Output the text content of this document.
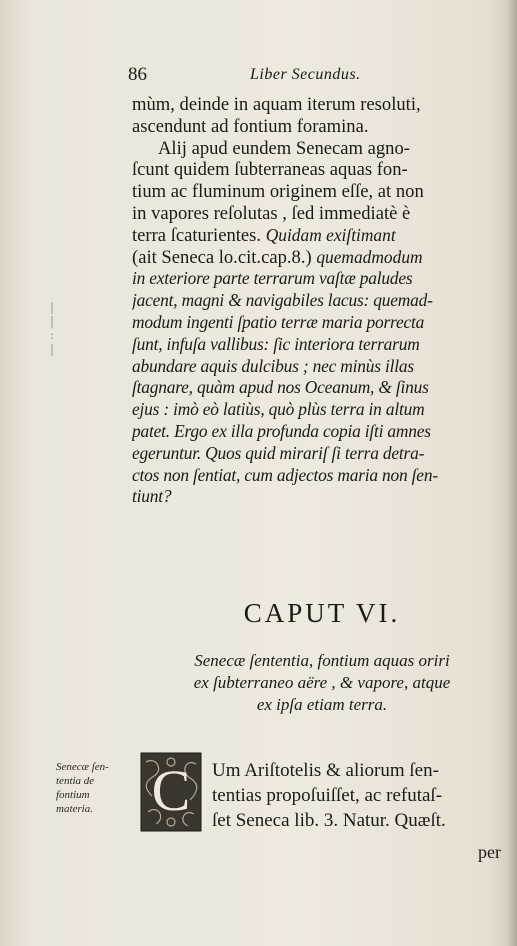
|
|
:
|
86	Liber Secundus.
mùm, deinde in aquam iterum resoluti,
ascendunt ad fontium foramina.
Alij apud eundem Senecam agno-
ſcunt quidem ſubterraneas aquas fon-
tium ac fluminum originem eſſe, at non
in vapores reſolutas , ſed immediatè è
terra ſcaturientes. Quidam exiſtimant
(ait Seneca lo.cit.cap.8.) quemadmodum
in exteriore parte terrarum vaſtæ paludes
jacent, magni & navigabiles lacus: quemad-
modum ingenti ſpatio terræ maria porrecta
ſunt, infuſa vallibus: ſic interiora terrarum
abundare aquis dulcibus ; nec minùs illas
ſtagnare, quàm apud nos Oceanum, & ſinus
ejus : imò eò latiùs, quò plùs terra in altum
patet. Ergo ex illa profunda copia iſti amnes
egeruntur. Quos quid mirariſ ſi terra detra-
ctos non ſentiat, cum adjectos maria non ſen-
tiunt?
CAPUT VI.
Senecæ ſententia, fontium aquas oriri
ex ſubterraneo aëre , & vapore, atque
ex ipſa etiam terra.
Senecæ ſen-
tentia de
fontium
materia.	C Um Ariſtotelis & aliorum ſen-
tentias propoſuiſſet, ac refutaſ-
ſet Seneca lib. 3. Natur. Quæſt.
per
